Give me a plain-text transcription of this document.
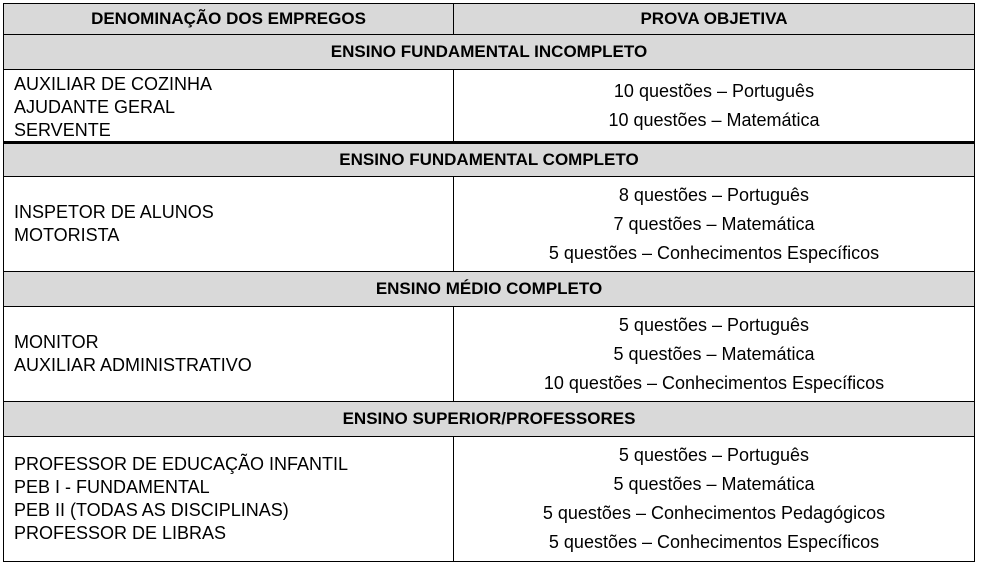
DENOMINAÇÃO DOS EMPREGOS	PROVA OBJETIVA
ENSINO FUNDAMENTAL INCOMPLETO
AUXILIAR DE COZINHA
AJUDANTE GERAL
SERVENTE
10 questões – Português
10 questões – Matemática
ENSINO FUNDAMENTAL COMPLETO
INSPETOR DE ALUNOS
MOTORISTA
8 questões – Português
7 questões – Matemática
5 questões – Conhecimentos Específicos
ENSINO MÉDIO COMPLETO
MONITOR
AUXILIAR ADMINISTRATIVO
5 questões – Português
5 questões – Matemática
10 questões – Conhecimentos Específicos
ENSINO SUPERIOR/PROFESSORES
PROFESSOR DE EDUCAÇÃO INFANTIL
PEB I - FUNDAMENTAL
PEB II (TODAS AS DISCIPLINAS)
PROFESSOR DE LIBRAS
5 questões – Português
5 questões – Matemática
5 questões – Conhecimentos Pedagógicos
5 questões – Conhecimentos Específicos
